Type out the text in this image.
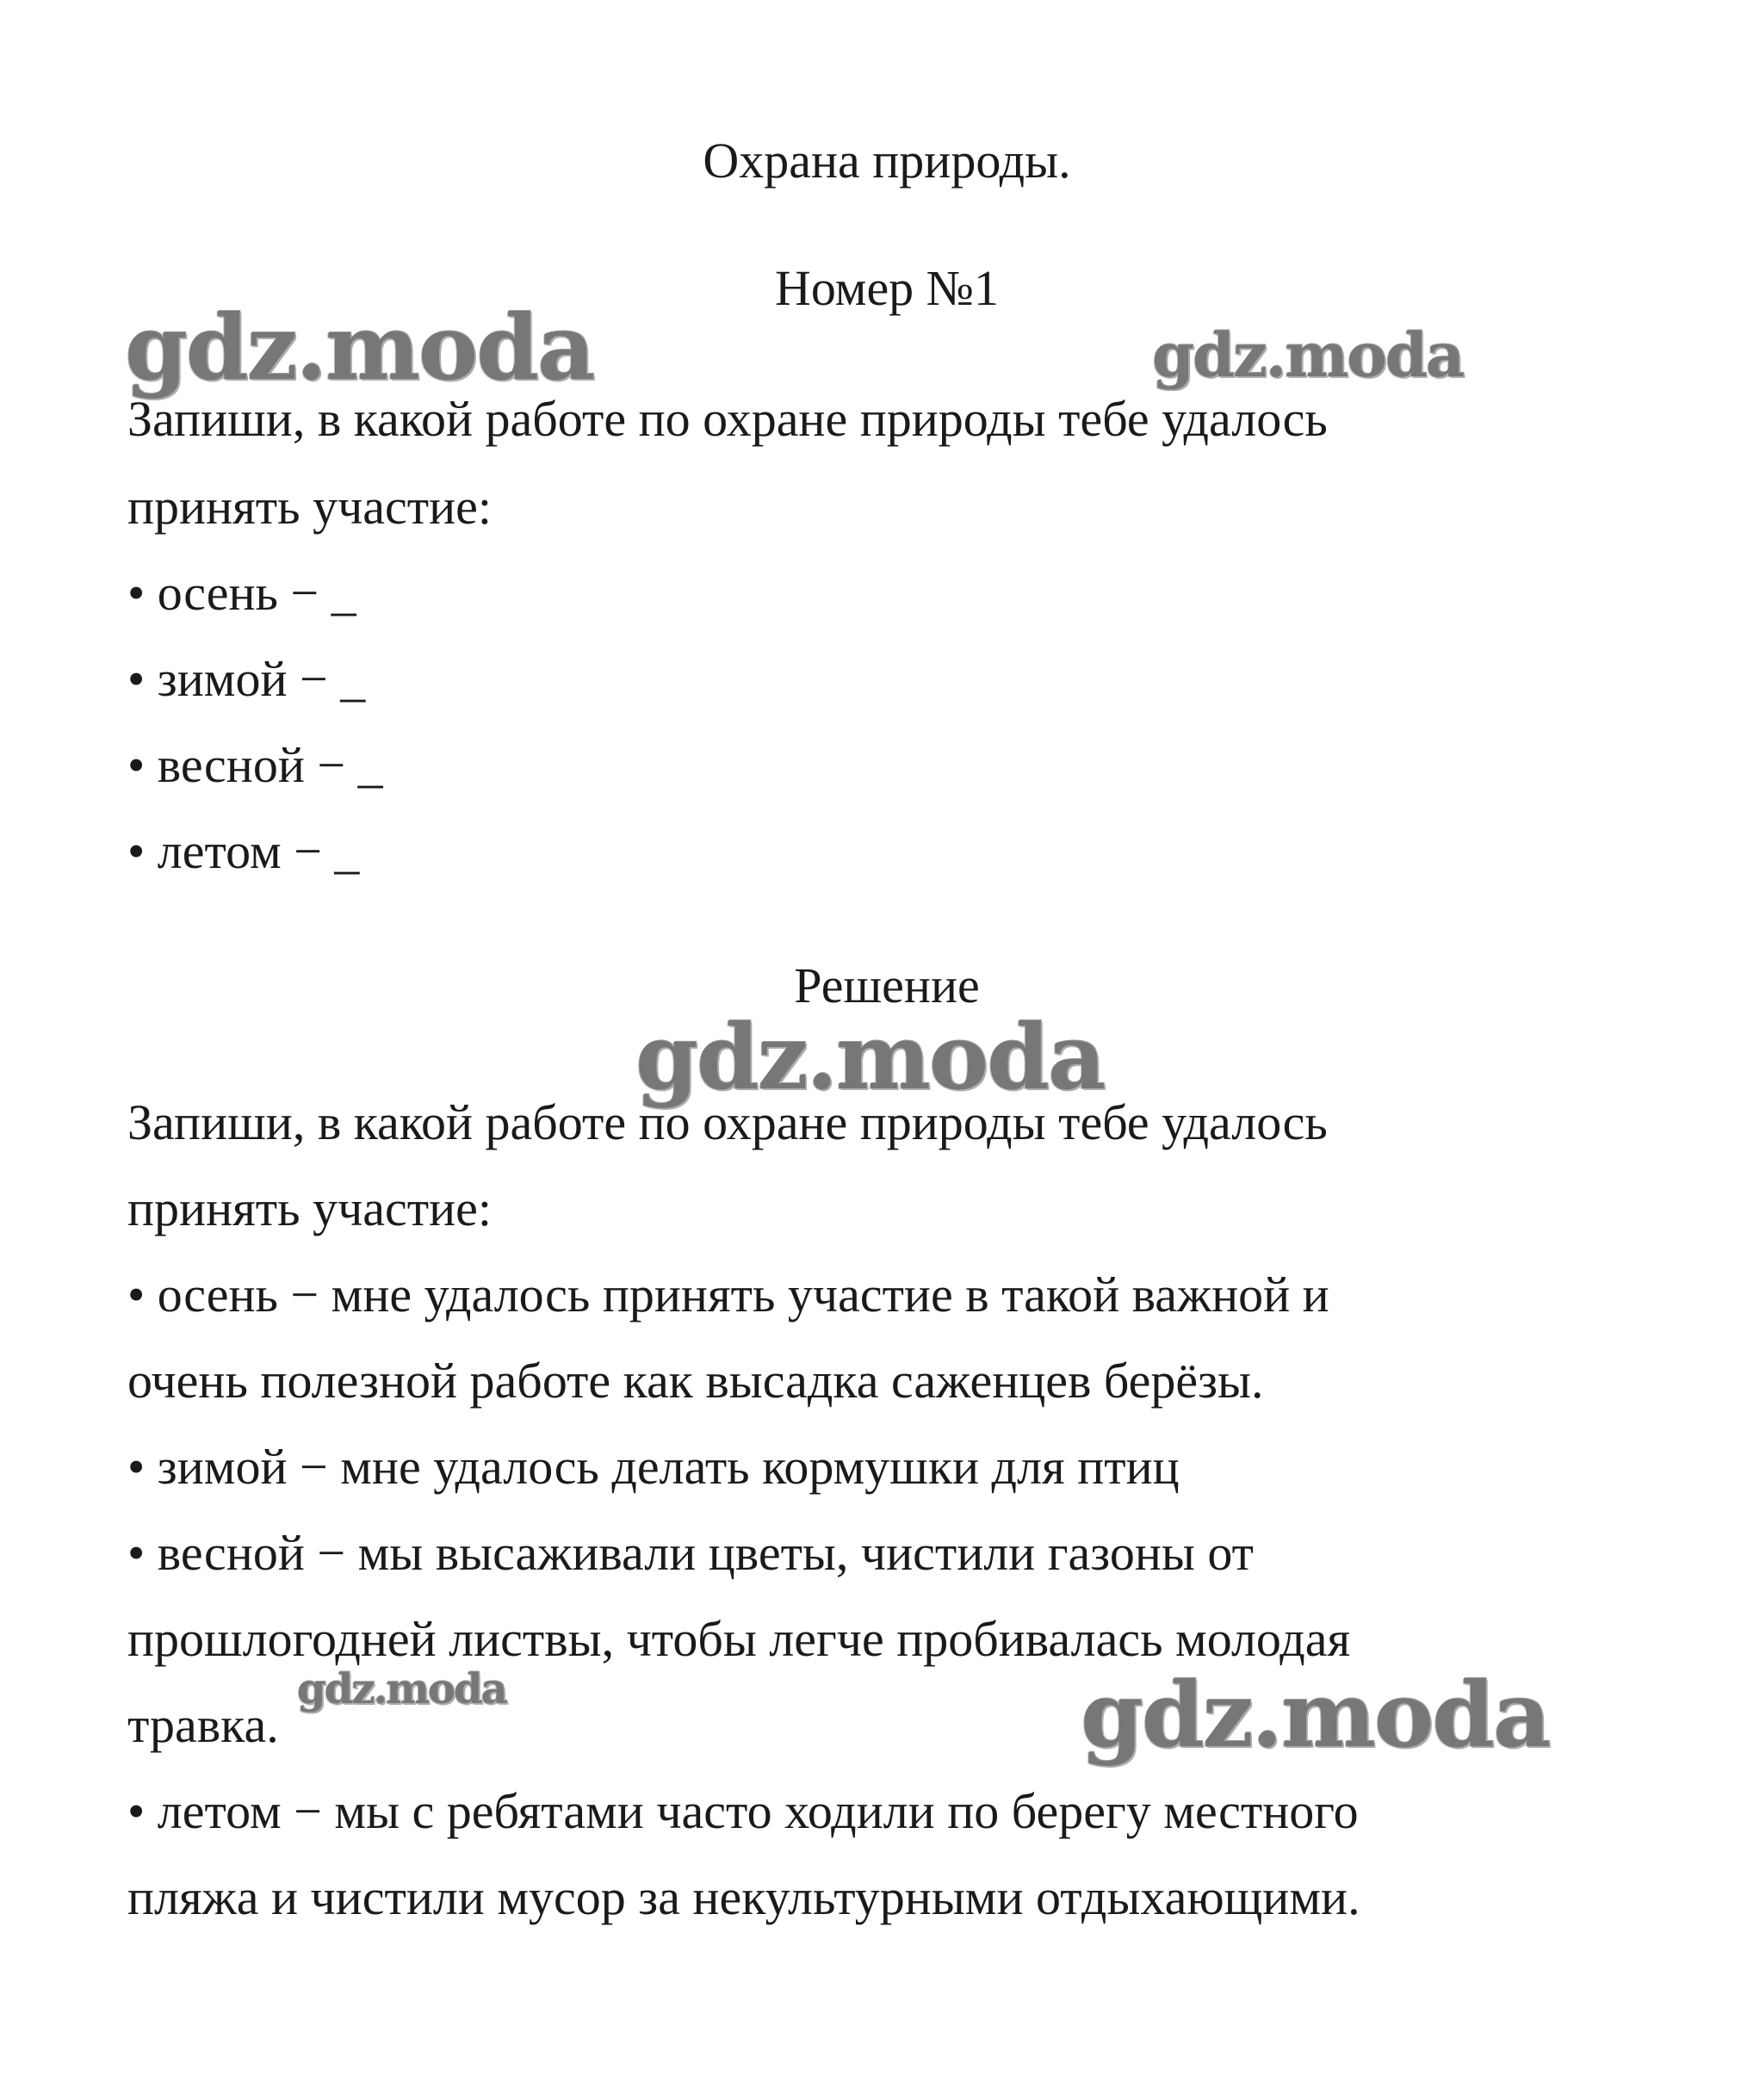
Охрана природы.
Номер №1
Запиши, в какой работе по охране природы тебе удалось
принять участие:
• осень − _
• зимой − _
• весной − _
• летом − _
Решение
Запиши, в какой работе по охране природы тебе удалось
принять участие:
• осень − мне удалось принять участие в такой важной и
очень полезной работе как высадка саженцев берёзы.
• зимой − мне удалось делать кормушки для птиц
• весной − мы высаживали цветы, чистили газоны от
прошлогодней листвы, чтобы легче пробивалась молодая
травка.
• летом − мы с ребятами часто ходили по берегу местного
пляжа и чистили мусор за некультурными отдыхающими.
gdz.moda	gdz.moda
gdz.moda
gdz.moda	gdz.moda
